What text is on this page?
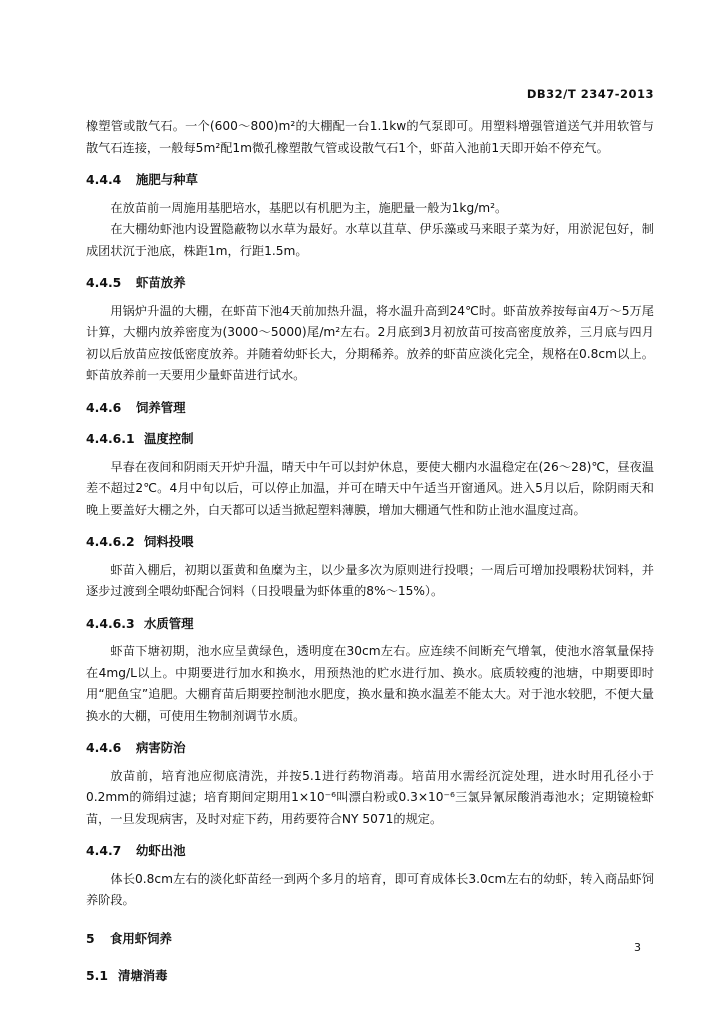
DB32/T 2347-2013

橡塑管或散气石。一个(600～800)m²的大棚配一台1.1kw的气泵即可。用塑料增强管道送气并用软管与散气石连接，一般每5m²配1m微孔橡塑散气管或设散气石1个，虾苗入池前1天即开始不停充气。

4.4.4 施肥与种草

在放苗前一周施用基肥培水，基肥以有机肥为主，施肥量一般为1kg/m²。

在大棚幼虾池内设置隐蔽物以水草为最好。水草以苴草、伊乐藻或马来眼子菜为好，用淤泥包好，制成团状沉于池底，株距1m，行距1.5m。

4.4.5 虾苗放养

用锅炉升温的大棚，在虾苗下池4天前加热升温，将水温升高到24℃时。虾苗放养按每亩4万～5万尾计算，大棚内放养密度为(3000～5000)尾/m²左右。2月底到3月初放苗可按高密度放养，三月底与四月初以后放苗应按低密度放养。并随着幼虾长大，分期稀养。放养的虾苗应淡化完全，规格在0.8cm以上。虾苗放养前一天要用少量虾苗进行试水。

4.4.6 饲养管理
4.4.6.1 温度控制

早春在夜间和阴雨天开炉升温，晴天中午可以封炉休息，要使大棚内水温稳定在(26～28)℃，昼夜温差不超过2℃。4月中旬以后，可以停止加温，并可在晴天中午适当开窗通风。进入5月以后，除阴雨天和晚上要盖好大棚之外，白天都可以适当掀起塑料薄膜，增加大棚通气性和防止池水温度过高。

4.4.6.2 饲料投喂

虾苗入棚后，初期以蛋黄和鱼糜为主，以少量多次为原则进行投喂；一周后可增加投喂粉状饲料，并逐步过渡到全喂幼虾配合饲料（日投喂量为虾体重的8%～15%）。

4.4.6.3 水质管理

虾苗下塘初期，池水应呈黄绿色，透明度在30cm左右。应连续不间断充气增氧，使池水溶氧量保持在4mg/L以上。中期要进行加水和换水，用预热池的贮水进行加、换水。底质较瘦的池塘，中期要即时用“肥鱼宝”追肥。大棚育苗后期要控制池水肥度，换水量和换水温差不能太大。对于池水较肥，不便大量换水的大棚，可使用生物制剂调节水质。

4.4.6 病害防治

放苗前，培育池应彻底清洗，并按5.1进行药物消毒。培苗用水需经沉淀处理，进水时用孔径小于0.2mm的筛绢过滤；培育期间定期用1×10⁻⁶叫漂白粉或0.3×10⁻⁶三氯异氰尿酸消毒池水；定期镜检虾苗，一旦发现病害，及时对症下药，用药要符合NY 5071的规定。

4.4.7 幼虾出池

体长0.8cm左右的淡化虾苗经一到两个多月的培育，即可育成体长3.0cm左右的幼虾，转入商品虾饲养阶段。

5 食用虾饲养
5.1 清塘消毒
3
